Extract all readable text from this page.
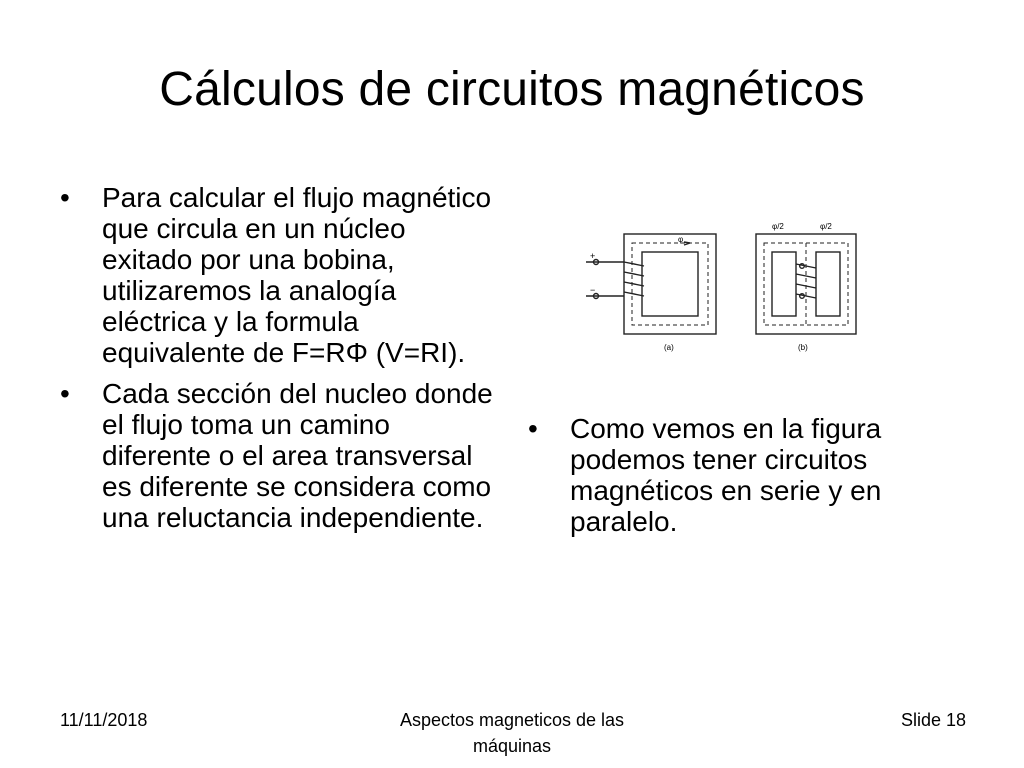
Cálculos de circuitos magnéticos
•	Para calcular el flujo magnético que circula en un núcleo exitado por una bobina, utilizaremos la analogía eléctrica y la formula equivalente de F=RΦ (V=RI).
•	Cada sección del nucleo donde el flujo toma un camino diferente o el area transversal es diferente se considera como una reluctancia independiente.
+
−
φ
(a)
φ/2	φ/2
(b)
•	Como vemos en la figura podemos tener circuitos magnéticos en serie y en paralelo.
11/11/2018	Aspectos magneticos de las
máquinas
Slide 18
